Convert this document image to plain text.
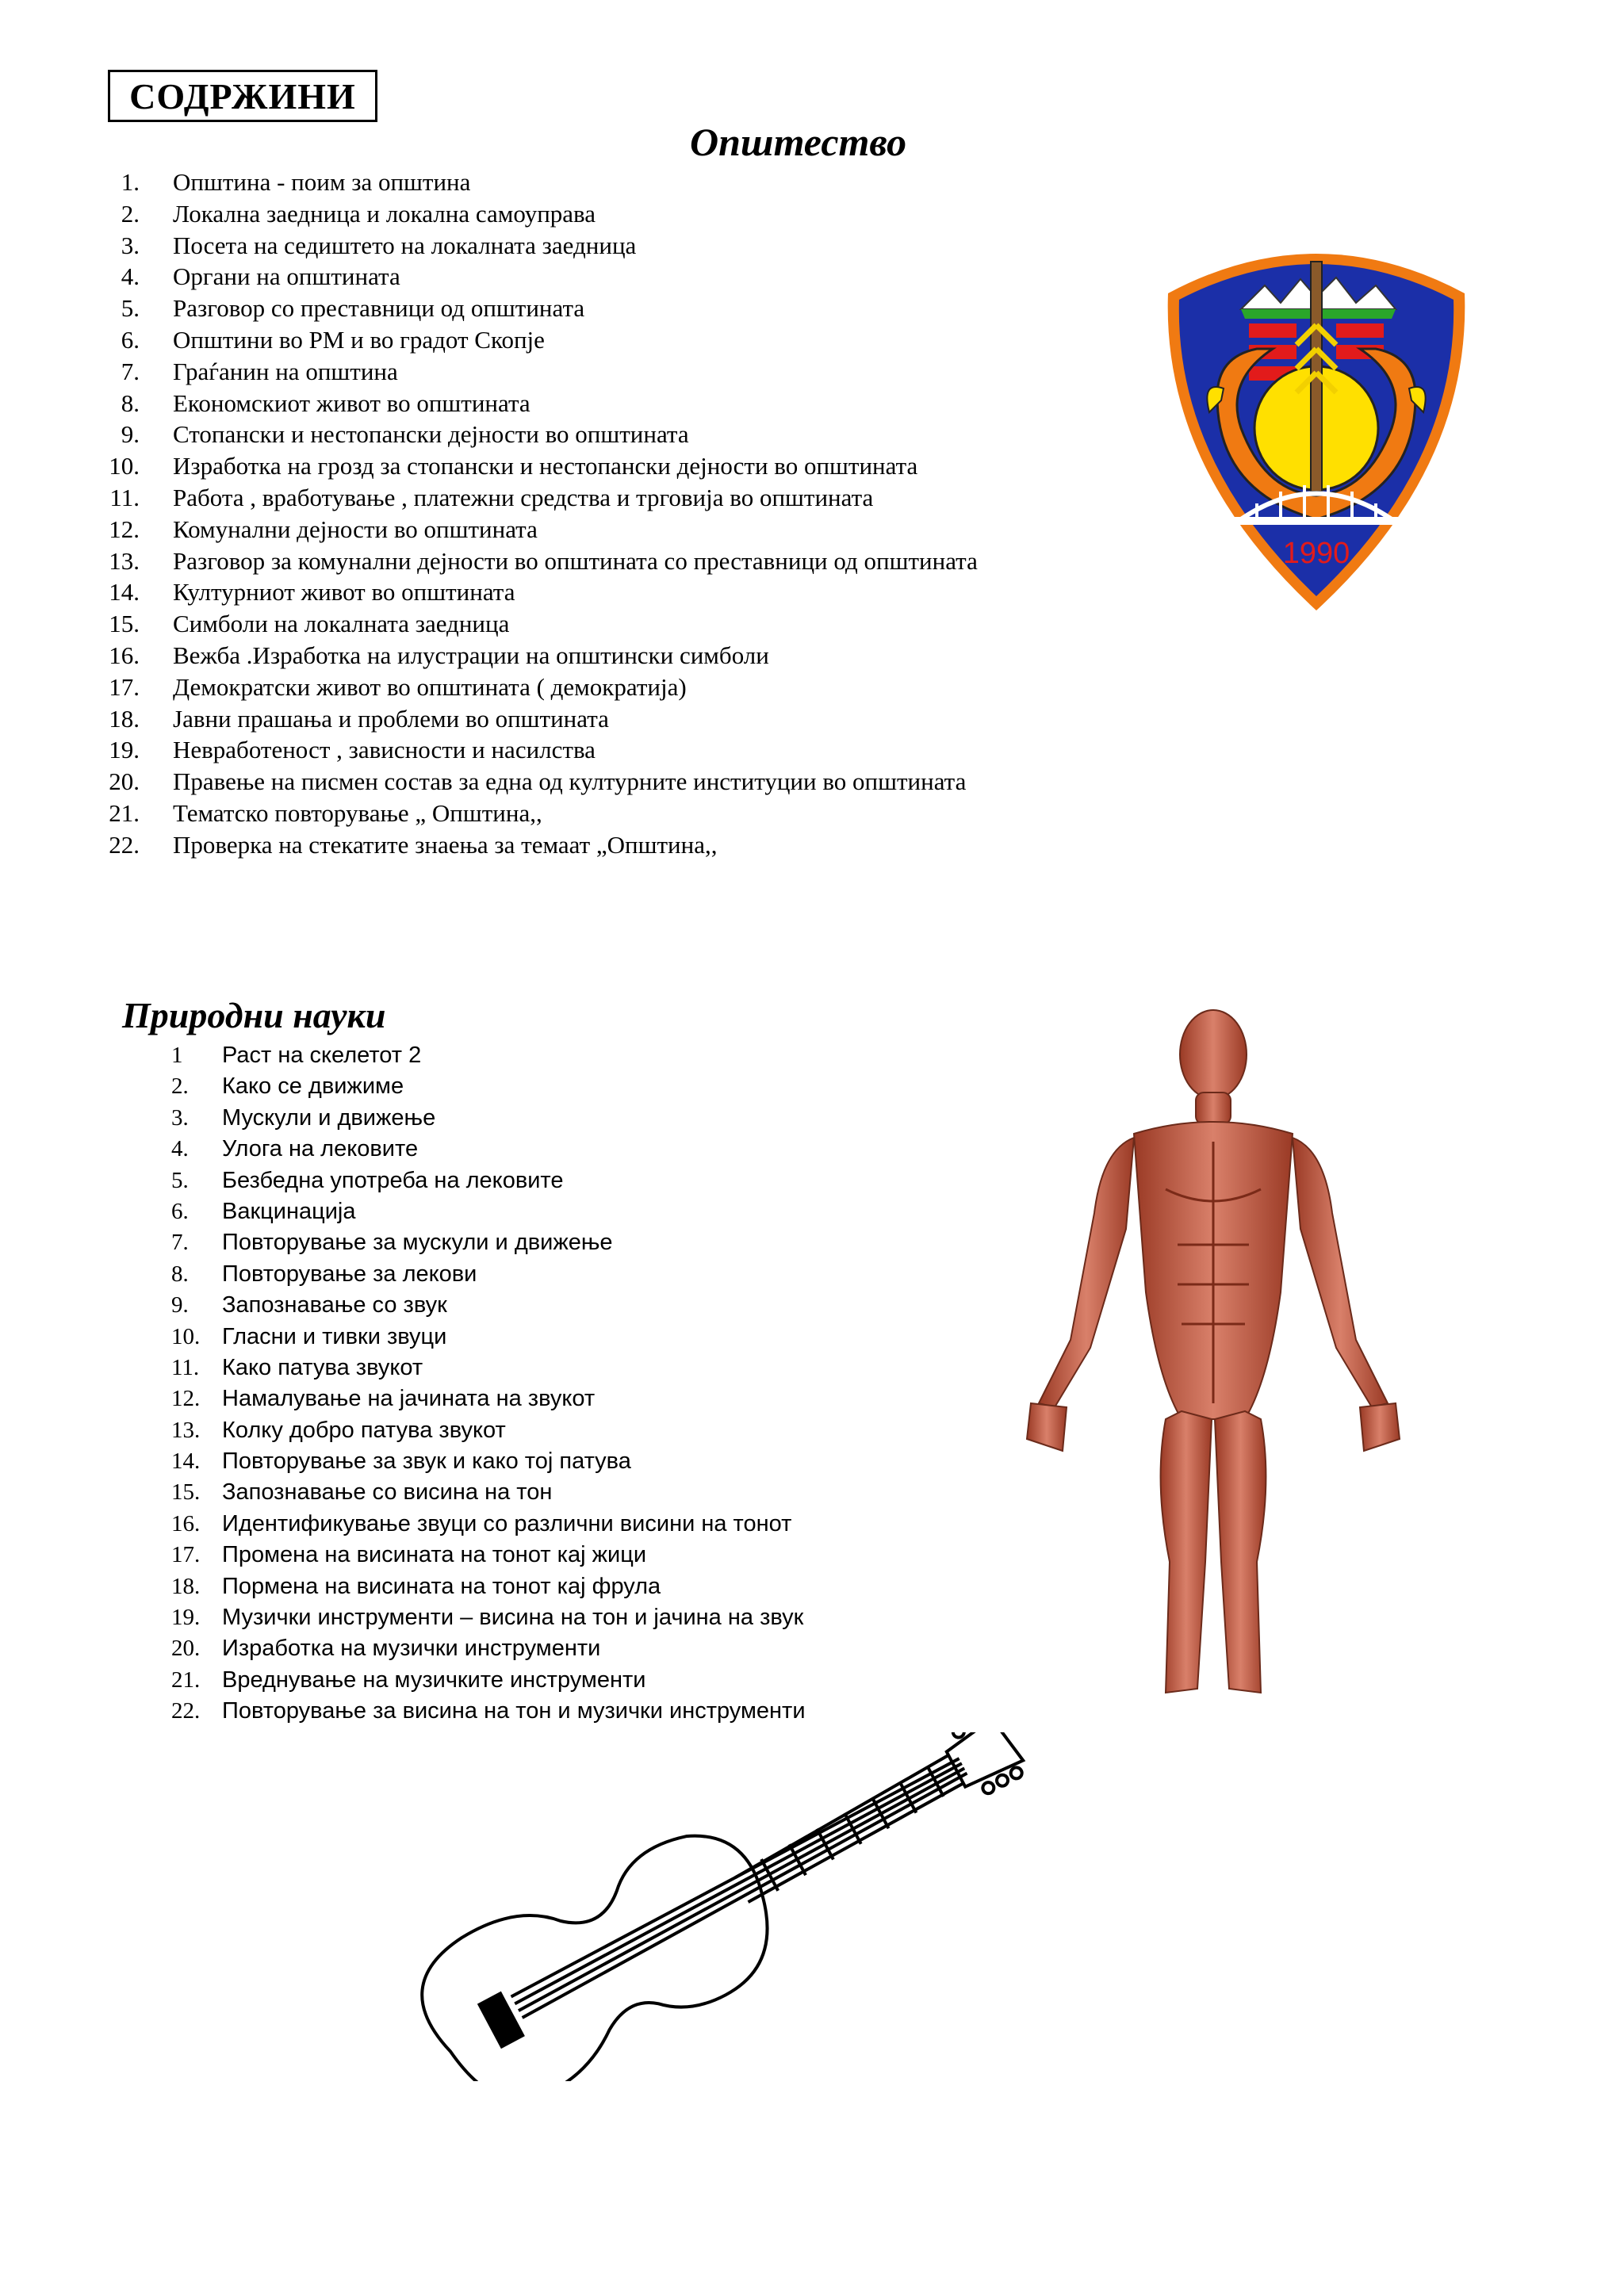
СОДРЖИНИ
Општество
1. Општина - поим за општина
2. Локална заедница и локална самоуправа
3. Посета на седиштето на локалната заедница
4. Органи на општината
5. Разговор со преставници од општината
6. Општини во РМ и во градот Скопје
7. Граѓанин на општина
8. Економскиот живот во општината
9. Стопански и нестопански дејности во општината
10. Изработка на грозд за стопански и нестопански дејности во општината
11. Работа , вработување , платежни средства и трговија во општината
12. Комунални дејности во општината
13. Разговор за комунални дејности во општината со преставници од општината
14. Културниот живот во општината
15. Симболи на локалната заедница
16. Вежба .Изработка на илустрации на општински симболи
17. Демократски живот во општината ( демократија)
18. Јавни прашања и проблеми во општината
19. Невработеност , зависности и насилства
20. Правење на писмен состав за една од културните институции во општината
21. Тематско повторување „ Општина,,
22. Проверка на стекатите знаења за темаат „Општина,,
Природни науки
1 Раст на скелетот 2
2. Како се движиме
3. Мускули и движење
4. Улога на лековите
5. Безбедна употреба на лековите
6. Вакцинација
7. Повторување за мускули и движење
8. Повторување за лекови
9. Запознавање со звук
10. Гласни и тивки звуци
11. Како патува звукот
12. Намалување на јачината на звукот
13. Колку добро патува звукот
14. Повторување за звук и како тој патува
15. Запознавање со висина на тон
16. Идентификување звуци со различни висини на тонот
17. Промена на висината на тонот кај жици
18. Пормена на висината на тонот кај фрула
19. Музички инструменти – висина на тон и јачина на звук
20. Изработка на музички инструменти
21. Вреднување на музичките инструменти
22. Повторување за висина на тон и музички инструменти
1990
